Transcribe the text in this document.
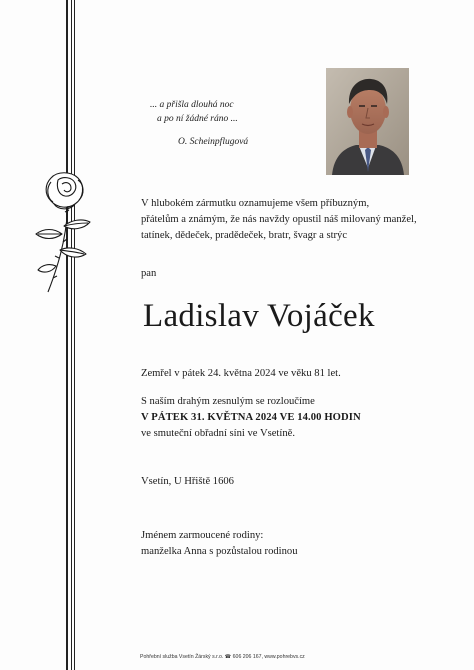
... a přišla dlouhá noc
a po ní žádné ráno ...
O. Scheinpflugová
V hlubokém zármutku oznamujeme všem příbuzným,
přátelům a známým, že nás navždy opustil náš milovaný manžel,
tatínek, dědeček, pradědeček, bratr, švagr a strýc
pan
Ladislav Vojáček
Zemřel v pátek 24. května 2024 ve věku 81 let.
S naším drahým zesnulým se rozloučíme
V PÁTEK 31. KVĚTNA 2024 VE 14.00 HODIN
ve smuteční obřadní síni ve Vsetíně.
Vsetín, U Hřiště 1606
Jménem zarmoucené rodiny:
manželka Anna s pozůstalou rodinou
Pohřební služba Vsetín Žárský s.r.o. ☎ 606 206 167, www.pohrebvs.cz
